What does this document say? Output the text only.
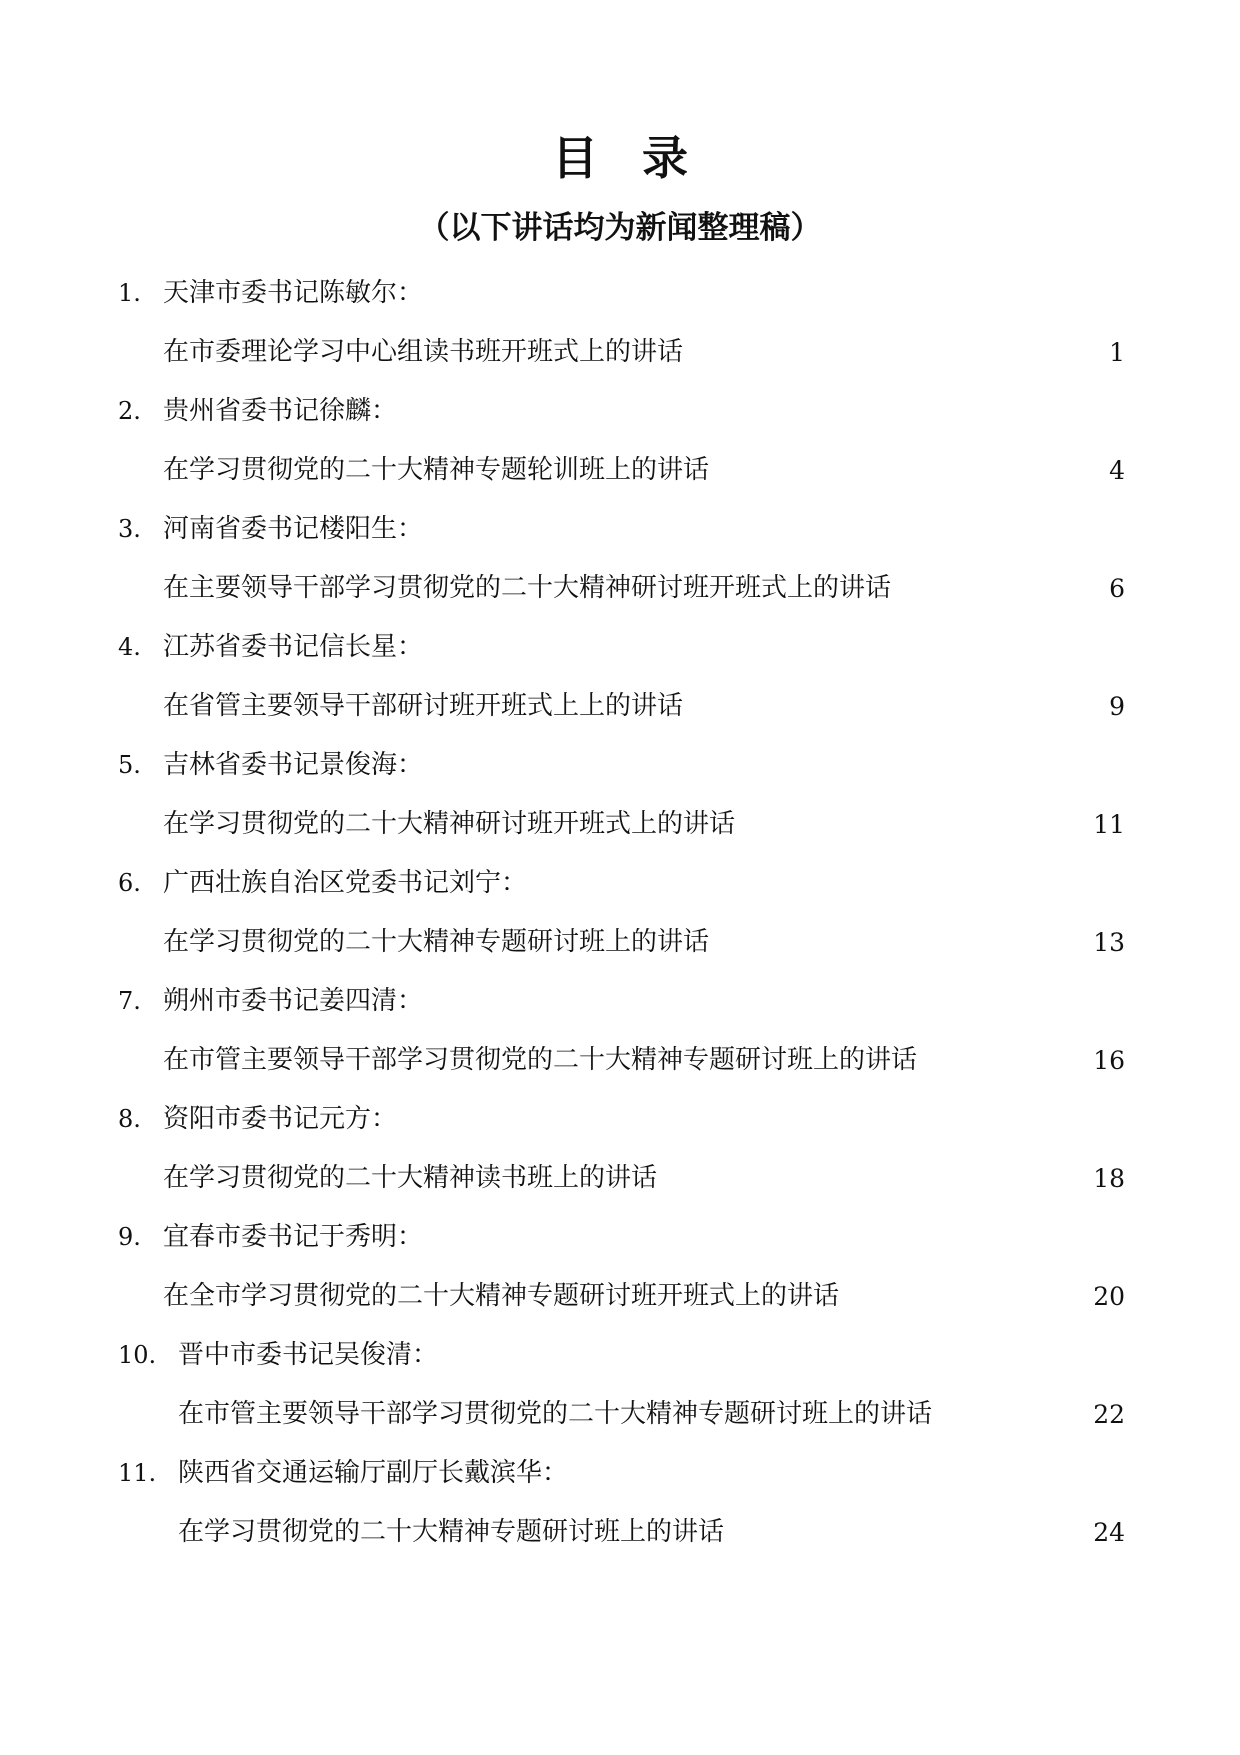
目录
（以下讲话均为新闻整理稿）
1. 天津市委书记陈敏尔：
在市委理论学习中心组读书班开班式上的讲话	1
2. 贵州省委书记徐麟：
在学习贯彻党的二十大精神专题轮训班上的讲话	4
3. 河南省委书记楼阳生：
在主要领导干部学习贯彻党的二十大精神研讨班开班式上的讲话	6
4. 江苏省委书记信长星：
在省管主要领导干部研讨班开班式上上的讲话	9
5. 吉林省委书记景俊海：
在学习贯彻党的二十大精神研讨班开班式上的讲话	11
6. 广西壮族自治区党委书记刘宁：
在学习贯彻党的二十大精神专题研讨班上的讲话	13
7. 朔州市委书记姜四清：
在市管主要领导干部学习贯彻党的二十大精神专题研讨班上的讲话	16
8. 资阳市委书记元方：
在学习贯彻党的二十大精神读书班上的讲话	18
9. 宜春市委书记于秀明：
在全市学习贯彻党的二十大精神专题研讨班开班式上的讲话	20
10. 晋中市委书记吴俊清：
在市管主要领导干部学习贯彻党的二十大精神专题研讨班上的讲话	22
11. 陕西省交通运输厅副厅长戴滨华：
在学习贯彻党的二十大精神专题研讨班上的讲话	24
